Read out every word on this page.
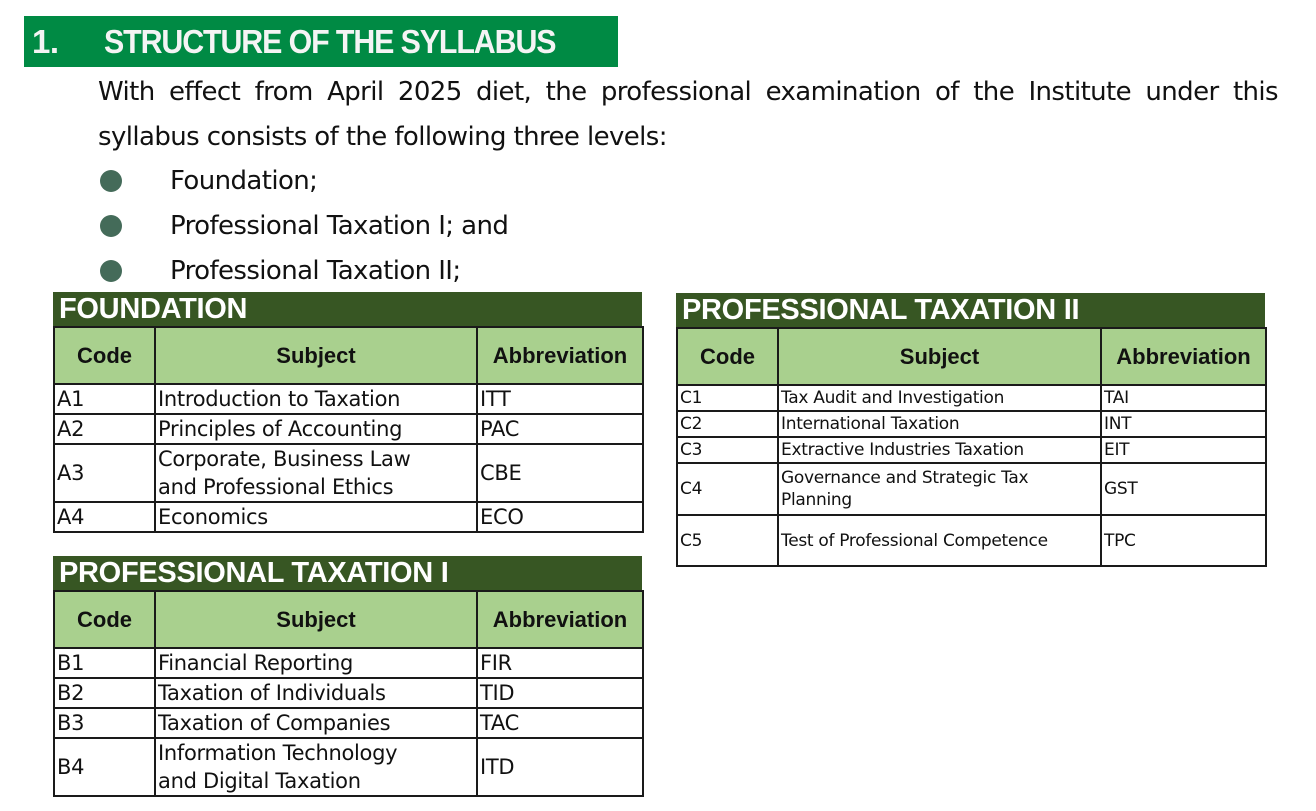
1.	STRUCTURE OF THE SYLLABUS
With effect from April 2025 diet, the professional examination of the Institute under this
syllabus consists of the following three levels:
Foundation;
Professional Taxation I; and
Professional Taxation II;
FOUNDATION
Code	Subject	Abbreviation
A1	Introduction to Taxation	ITT
A2	Principles of Accounting	PAC
A3	Corporate, Business Law
and Professional Ethics	CBE
A4	Economics	ECO
PROFESSIONAL TAXATION I
Code	Subject	Abbreviation
B1	Financial Reporting	FIR
B2	Taxation of Individuals	TID
B3	Taxation of Companies	TAC
B4	Information Technology
and Digital Taxation	ITD
PROFESSIONAL TAXATION II
Code	Subject	Abbreviation
C1	Tax Audit and Investigation	TAI
C2	International Taxation	INT
C3	Extractive Industries Taxation	EIT
C4	Governance and Strategic Tax
Planning	GST
C5	Test of Professional Competence	TPC
